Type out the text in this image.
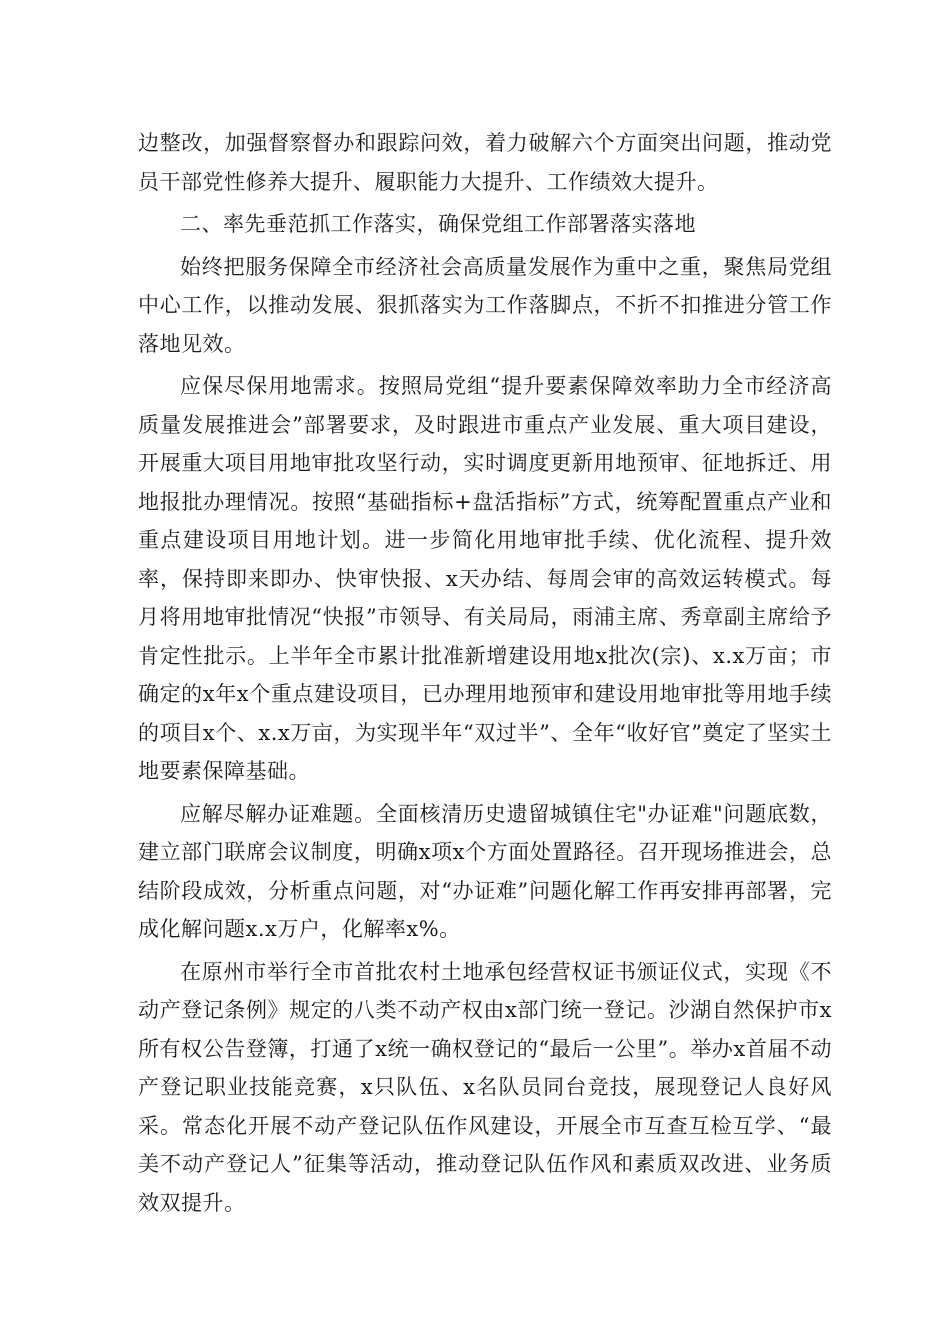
边整改，加强督察督办和跟踪问效，着力破解六个方面突出问题，推动党员干部党性修养大提升、履职能力大提升、工作绩效大提升。

二、率先垂范抓工作落实，确保党组工作部署落实落地

始终把服务保障全市经济社会高质量发展作为重中之重，聚焦局党组中心工作，以推动发展、狠抓落实为工作落脚点，不折不扣推进分管工作落地见效。

应保尽保用地需求。按照局党组“提升要素保障效率助力全市经济高质量发展推进会”部署要求，及时跟进市重点产业发展、重大项目建设，开展重大项目用地审批攻坚行动，实时调度更新用地预审、征地拆迁、用地报批办理情况。按照“基础指标+盘活指标”方式，统筹配置重点产业和重点建设项目用地计划。进一步简化用地审批手续、优化流程、提升效率，保持即来即办、快审快报、x天办结、每周会审的高效运转模式。每月将用地审批情况“快报”市领导、有关局局，雨浦主席、秀章副主席给予肯定性批示。上半年全市累计批准新增建设用地x批次(宗)、x.x万亩；市确定的x年x个重点建设项目，已办理用地预审和建设用地审批等用地手续的项目x个、x.x万亩，为实现半年“双过半”、全年“收好官”奠定了坚实土地要素保障基础。

应解尽解办证难题。全面核清历史遗留城镇住宅"办证难"问题底数，建立部门联席会议制度，明确x项x个方面处置路径。召开现场推进会，总结阶段成效，分析重点问题，对“办证难”问题化解工作再安排再部署，完成化解问题x.x万户，化解率x%。

在原州市举行全市首批农村土地承包经营权证书颁证仪式，实现《不动产登记条例》规定的八类不动产权由x部门统一登记。沙湖自然保护市x所有权公告登簿，打通了x统一确权登记的“最后一公里”。举办x首届不动产登记职业技能竞赛，x只队伍、x名队员同台竞技，展现登记人良好风采。常态化开展不动产登记队伍作风建设，开展全市互查互检互学、“最美不动产登记人”征集等活动，推动登记队伍作风和素质双改进、业务质效双提升。
